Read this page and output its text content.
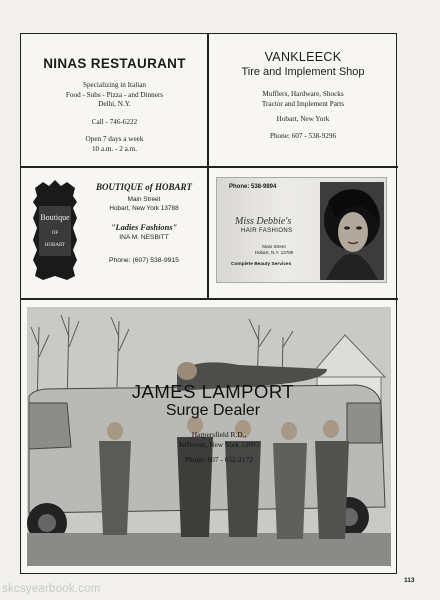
NINAS RESTAURANT
Specializing in Italian
Food - Subs - Pizza - and Dinners
Delhi, N.Y.
Call - 746-6222
Open 7 days a week
10 a.m. - 2 a.m.
VANKLEECK
Tire and Implement Shop
Mufflers, Hardware, Shocks
Tractor and Implement Parts
Hobart, New York
Phone: 607 - 538-9296
Boutique
OF
HOBART
BOUTIQUE of HOBART
Main Street
Hobart, New York 13788
"Ladies Fashions"
INA M. NESBITT
Phone: (607) 538-9915
Phone: 538-9894
Miss Debbie's
HAIR FASHIONS
Main Street
Hobart, N.Y. 13788
Complete Beauty Services
JAMES LAMPORT
Surge Dealer
Harpersfield R.D.,
Jefferson, New York 12093
Phone: 607 - 652-2172
113
skcsyearbook.com
